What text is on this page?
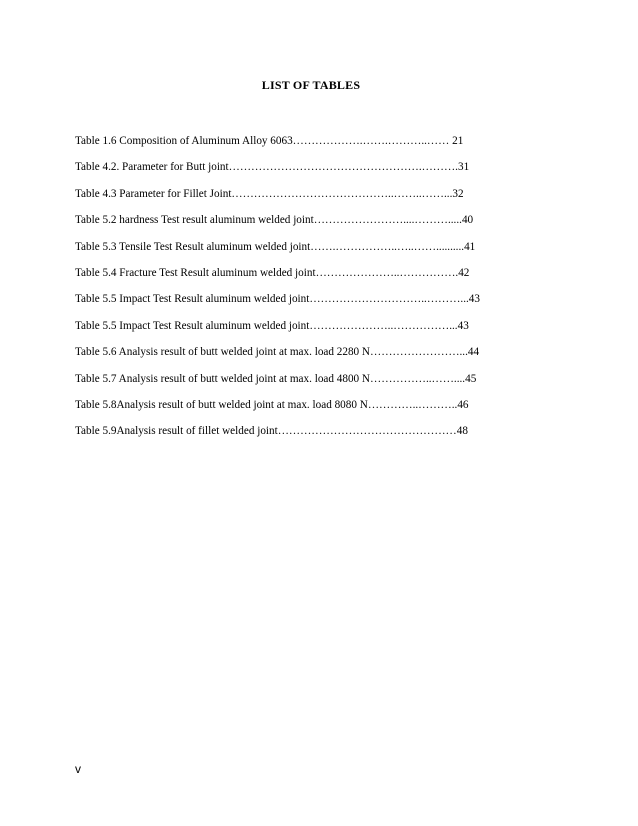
LIST OF TABLES
Table 1.6 Composition of Aluminum Alloy 6063……………….…….………..…… 21
Table 4.2. Parameter for Butt joint…………………………………………….……….31
Table 4.3 Parameter for Fillet Joint……………………………………..……..……...32
Table 5.2 hardness Test result aluminum welded joint……………………....……….....40
Table 5.3 Tensile Test Result aluminum welded joint…….……………..…..……..........41
Table 5.4 Fracture Test Result aluminum welded joint…………………..…………….42
Table 5.5 Impact Test Result aluminum welded joint…………………………..………...43
Table 5.5 Impact Test Result aluminum welded joint…………………..……………...43
Table 5.6 Analysis result of butt welded joint at max. load 2280 N……………………...44
Table 5.7 Analysis result of butt welded joint at max. load 4800 N……………..……....45
Table 5.8Analysis result of butt welded joint at max. load 8080 N…………..………..46
Table 5.9Analysis result of fillet welded joint…………………………………………48
v
